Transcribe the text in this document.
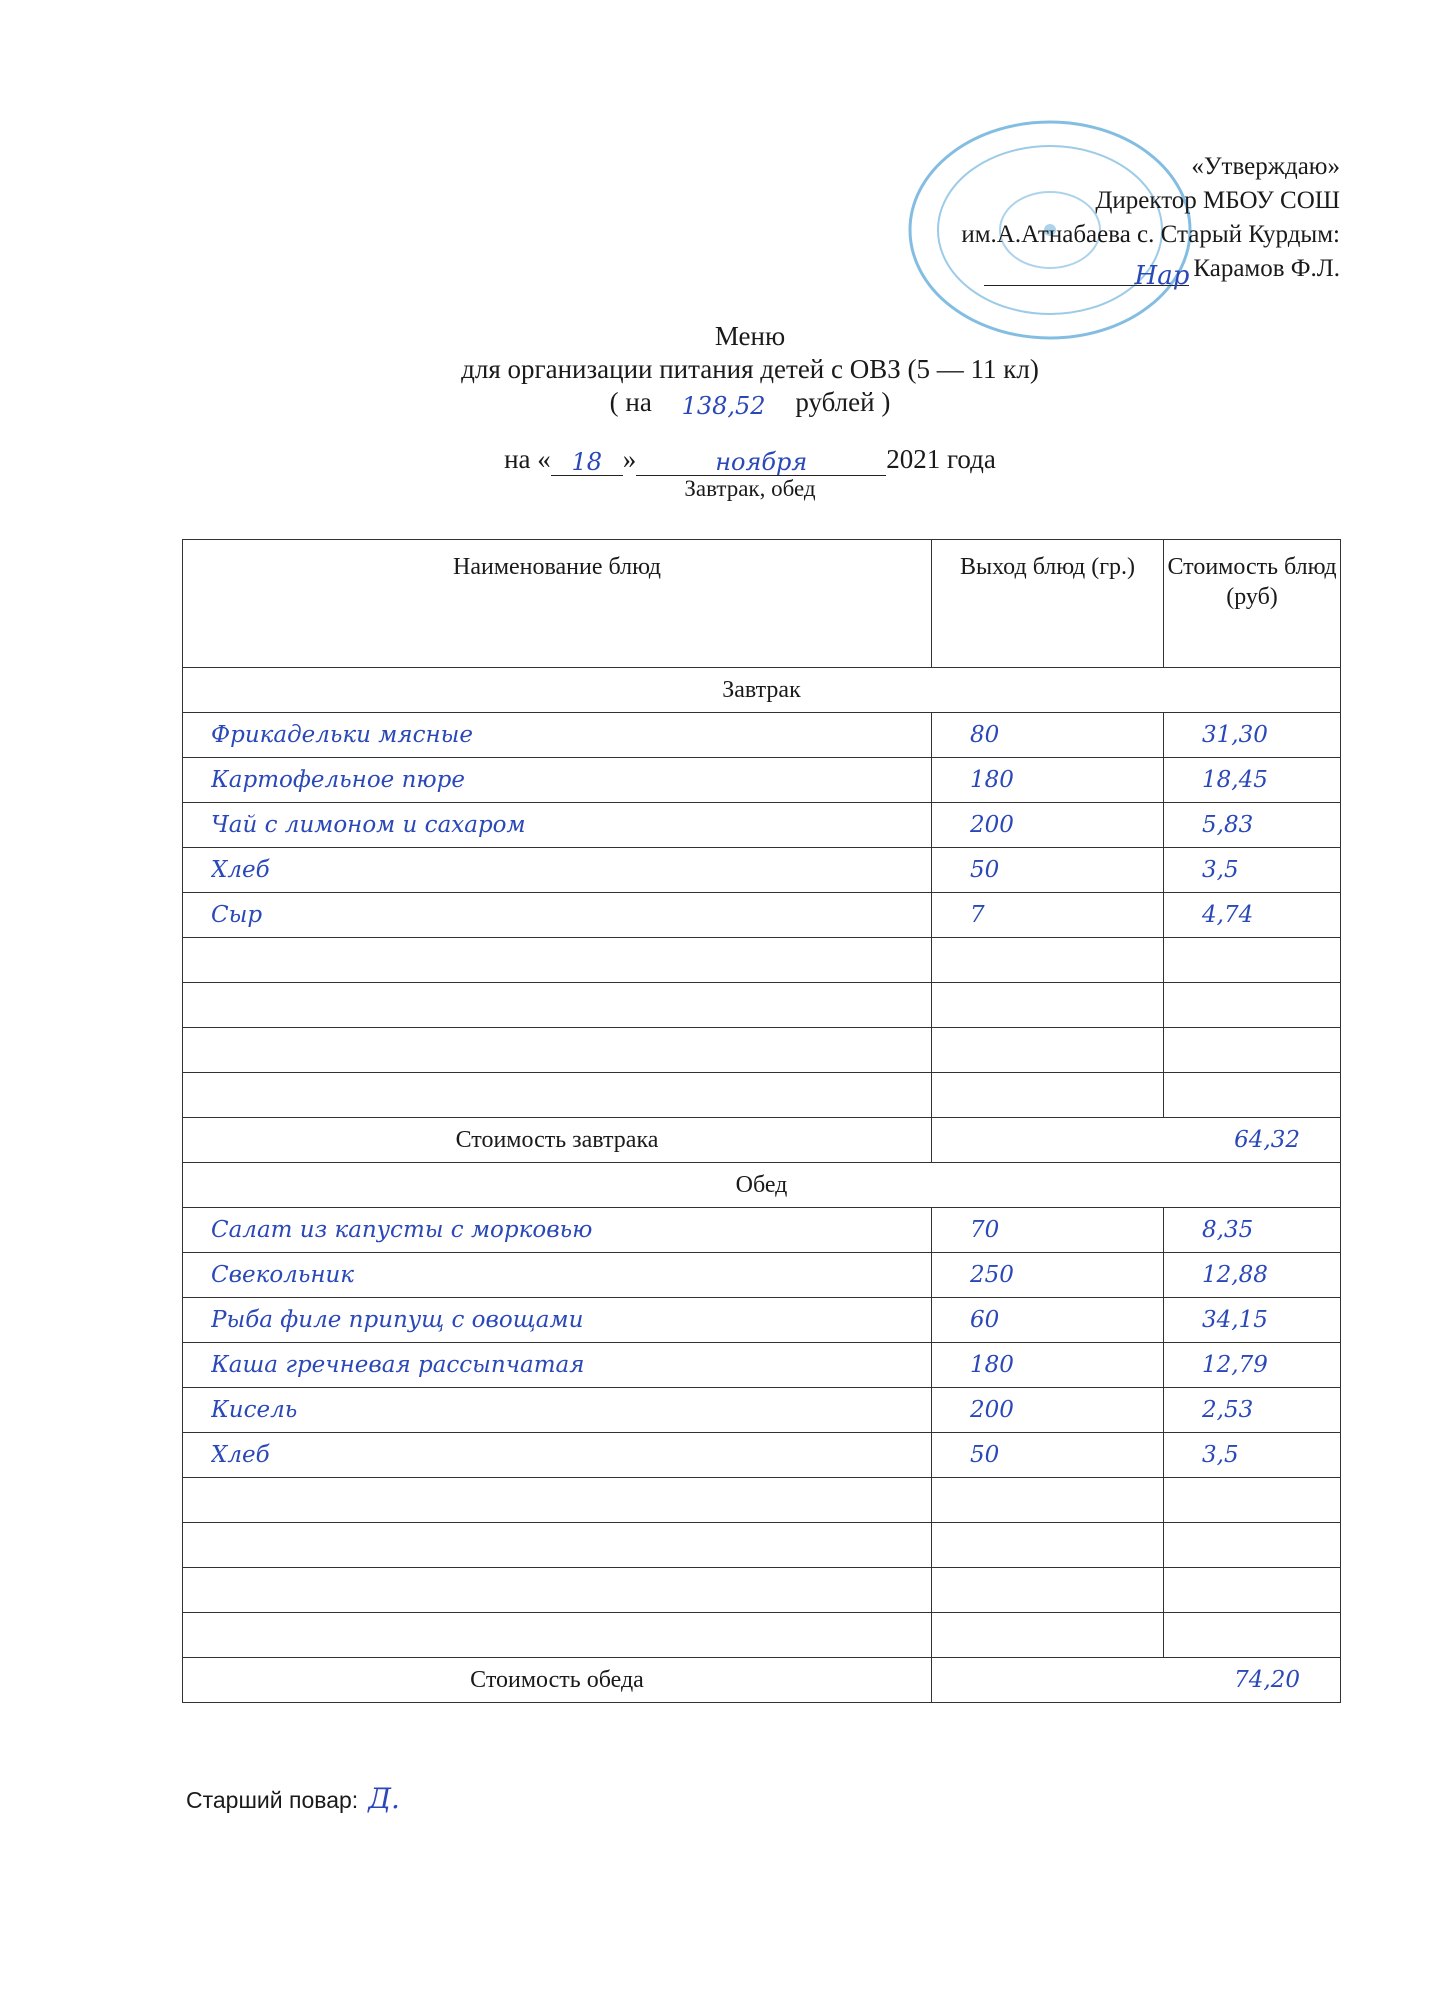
«Утверждаю»
Директор МБОУ СОШ
им.А.Атнабаева с. Старый Курдым:
Нар Карамов Ф.Л.
Меню
для организации питания детей с ОВЗ (5 — 11 кл)
( на 138,52 рублей )
на « 18 »	ноября	2021 года
Завтрак, обед
Наименование блюд	Выход блюд (гр.)	Стоимость блюд (руб)
Завтрак		

Фрикадельки мясные	80	31,30

Картофельное пюре	180	18,45

Чай с лимоном и сахаром	200	5,83

Хлеб	50	3,5

Сыр	7	4,74

Стоимость завтрака	64,32	
Обед		

Салат из капусты с морковью	70	8,35

Свекольник	250	12,88

Рыба филе припущ с овощами	60	34,15

Каша гречневая рассыпчатая	180	12,79

Кисель	200	2,53

Хлеб	50	3,5

Стоимость обеда	74,20	
Старший повар: Д.
